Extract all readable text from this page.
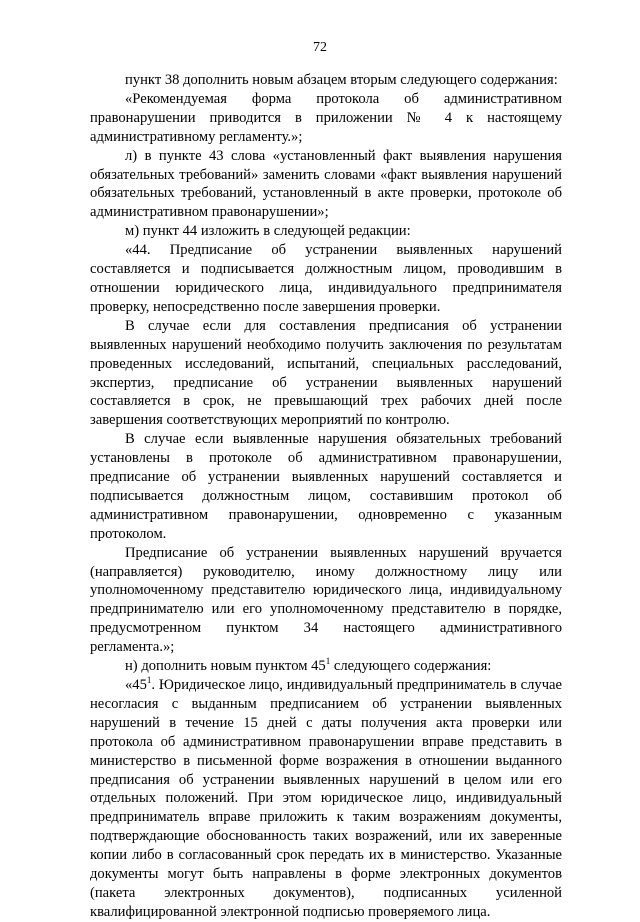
72

пункт 38 дополнить новым абзацем вторым следующего содержания:

«Рекомендуемая форма протокола об административном правонарушении приводится в приложении № 4 к настоящему административному регламенту.»;

л) в пункте 43 слова «установленный факт выявления нарушения обязательных требований» заменить словами «факт выявления нарушений обязательных требований, установленный в акте проверки, протоколе об административном правонарушении»;

м) пункт 44 изложить в следующей редакции:

«44. Предписание об устранении выявленных нарушений составляется и подписывается должностным лицом, проводившим в отношении юридического лица, индивидуального предпринимателя проверку, непосредственно после завершения проверки.

В случае если для составления предписания об устранении выявленных нарушений необходимо получить заключения по результатам проведенных исследований, испытаний, специальных расследований, экспертиз, предписание об устранении выявленных нарушений составляется в срок, не превышающий трех рабочих дней после завершения соответствующих мероприятий по контролю.

В случае если выявленные нарушения обязательных требований установлены в протоколе об административном правонарушении, предписание об устранении выявленных нарушений составляется и подписывается должностным лицом, составившим протокол об административном правонарушении, одновременно с указанным протоколом.

Предписание об устранении выявленных нарушений вручается (направляется) руководителю, иному должностному лицу или уполномоченному представителю юридического лица, индивидуальному предпринимателю или его уполномоченному представителю в порядке, предусмотренном пунктом 34 настоящего административного регламента.»;

н) дополнить новым пунктом $45^1$ следующего содержания:

«$45^1$. Юридическое лицо, индивидуальный предприниматель в случае несогласия с выданным предписанием об устранении выявленных нарушений в течение 15 дней с даты получения акта проверки или протокола об административном правонарушении вправе представить в министерство в письменной форме возражения в отношении выданного предписания об устранении выявленных нарушений в целом или его отдельных положений. При этом юридическое лицо, индивидуальный предприниматель вправе приложить к таким возражениям документы, подтверждающие обоснованность таких возражений, или их заверенные копии либо в согласованный срок передать их в министерство. Указанные документы могут быть направлены в форме электронных документов (пакета электронных документов), подписанных усиленной квалифицированной электронной подписью проверяемого лица.
